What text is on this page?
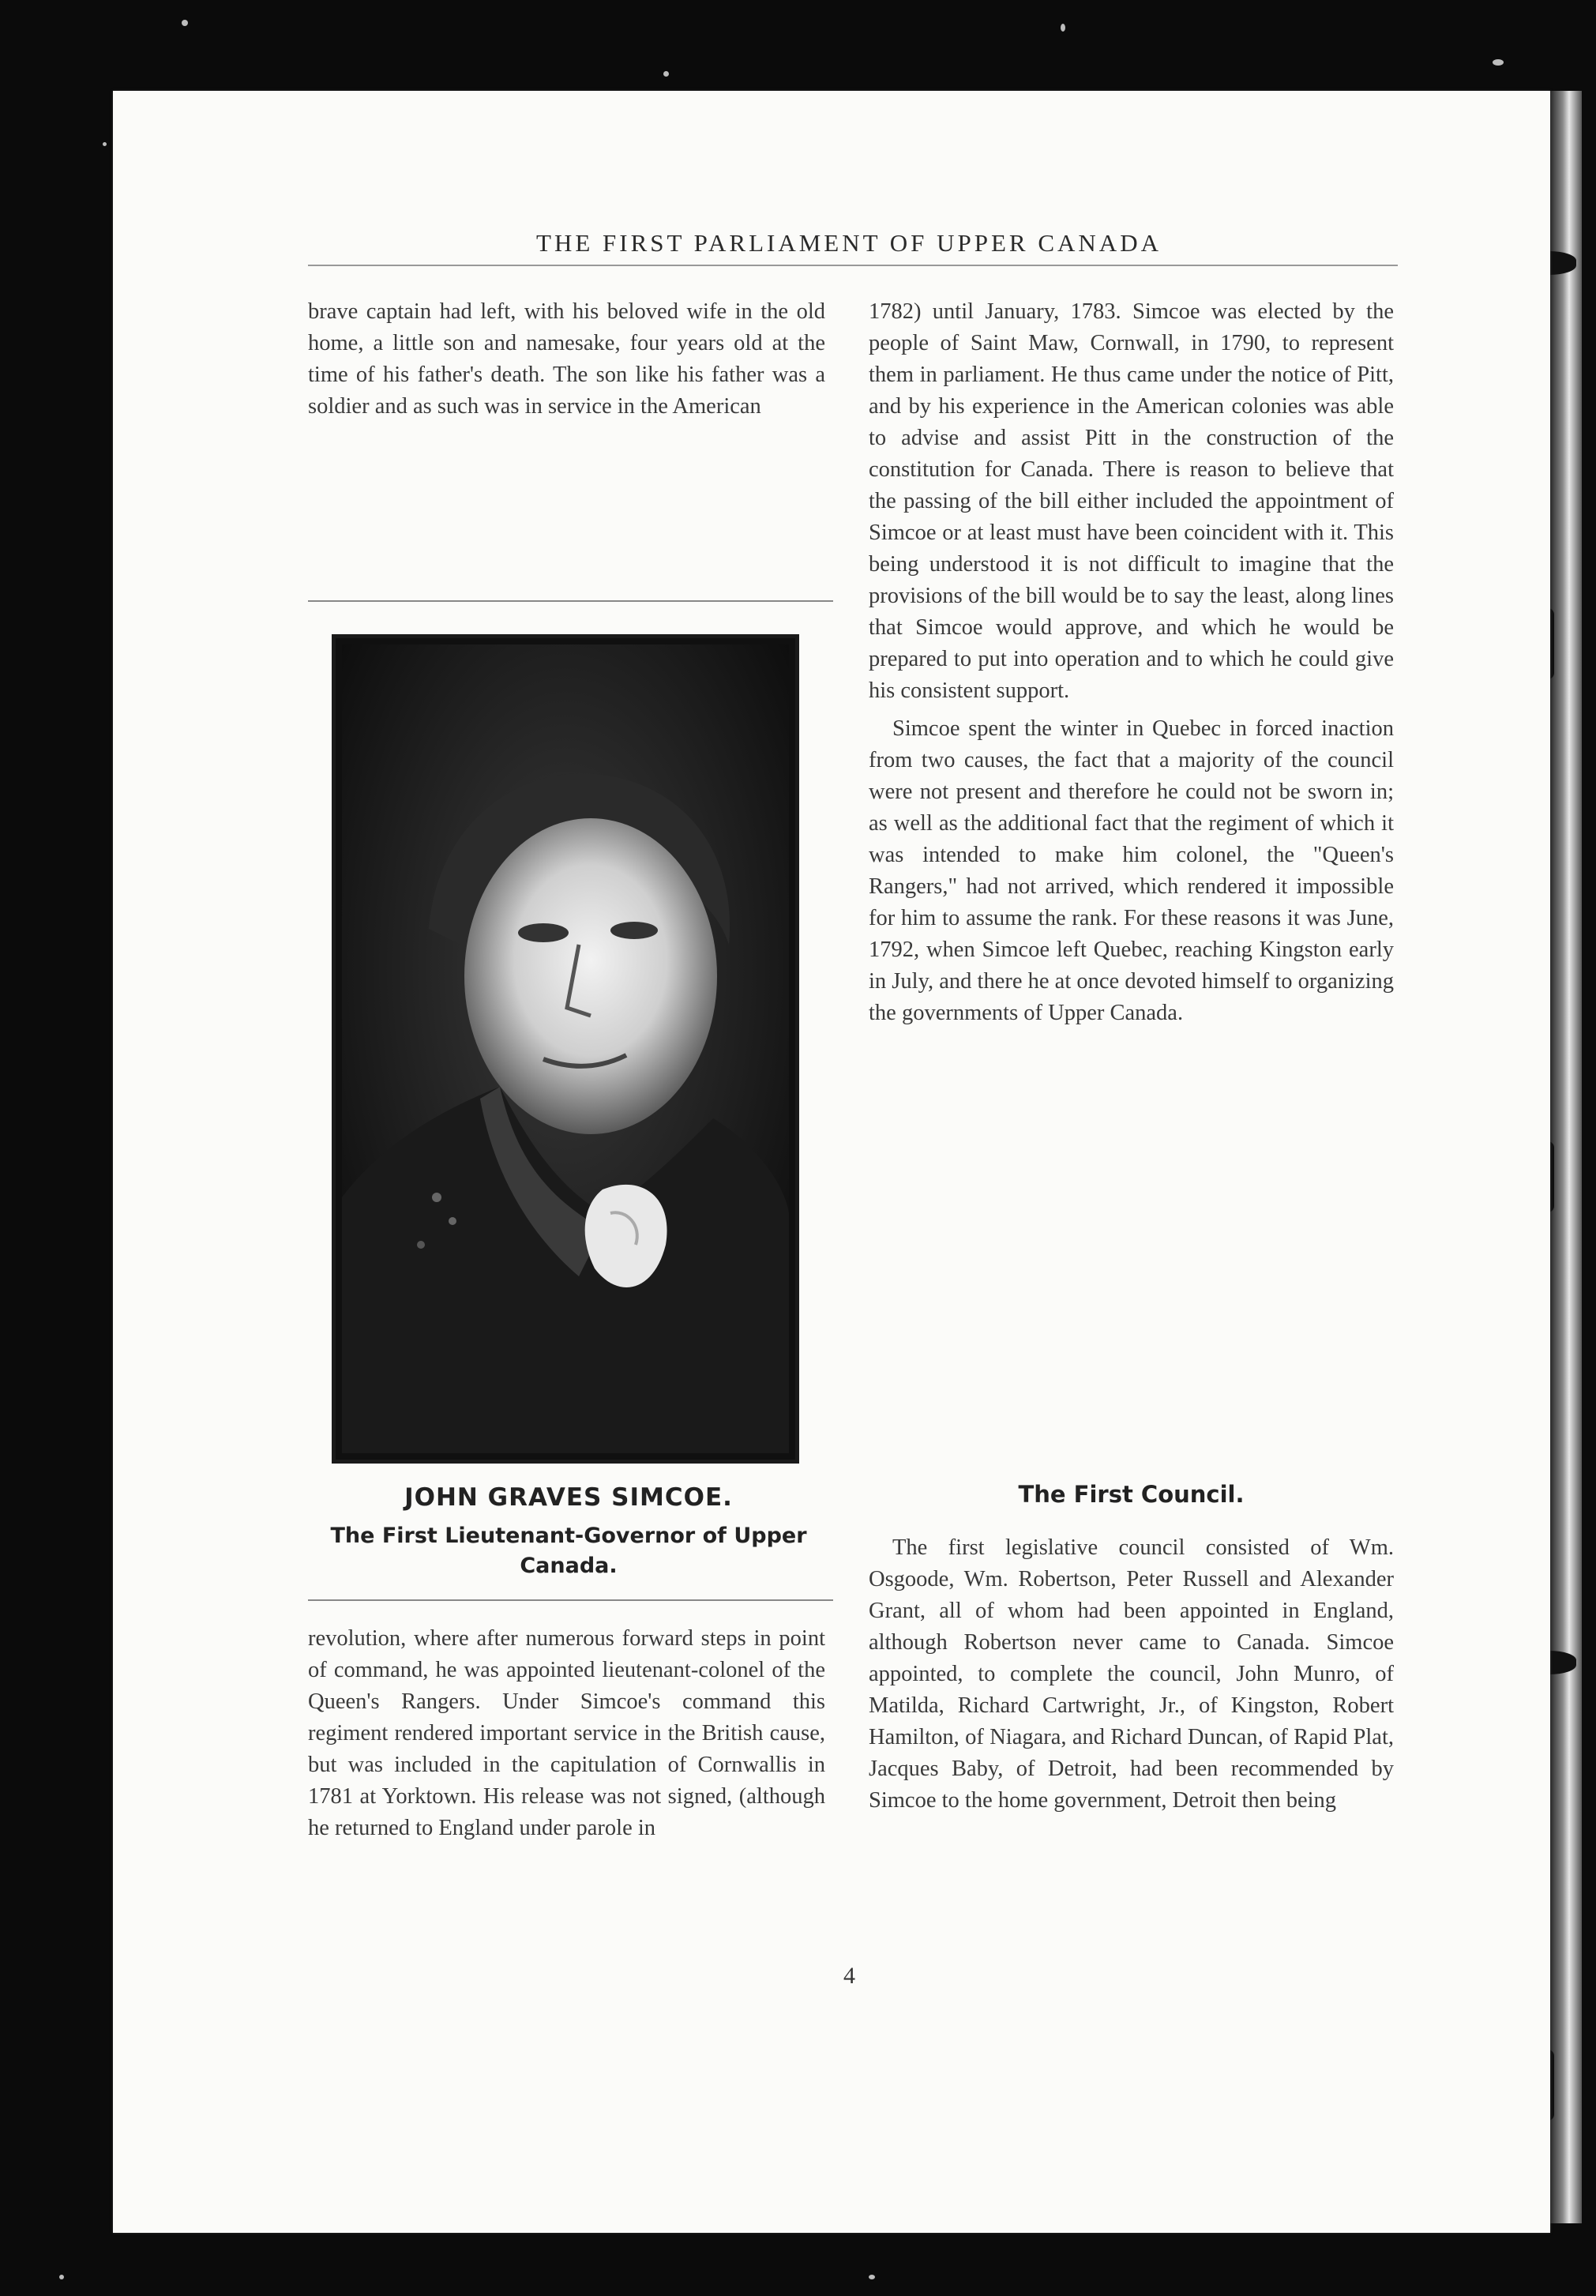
THE FIRST PARLIAMENT OF UPPER CANADA

brave captain had left, with his beloved wife in the old home, a little son and namesake, four years old at the time of his father's death. The son like his father was a soldier and as such was in service in the American

JOHN GRAVES SIMCOE.
The First Lieutenant-Governor of Upper Canada.

revolution, where after numerous forward steps in point of command, he was appointed lieutenant-colonel of the Queen's Rangers. Under Simcoe's command this regiment rendered important service in the British cause, but was included in the capitulation of Cornwallis in 1781 at Yorktown. His release was not signed, (although he returned to England under parole in

1782) until January, 1783. Simcoe was elected by the people of Saint Maw, Cornwall, in 1790, to represent them in parliament. He thus came under the notice of Pitt, and by his experience in the American colonies was able to advise and assist Pitt in the construction of the constitution for Canada. There is reason to believe that the passing of the bill either included the appointment of Simcoe or at least must have been coincident with it. This being understood it is not difficult to imagine that the provisions of the bill would be to say the least, along lines that Simcoe would approve, and which he would be prepared to put into operation and to which he could give his consistent support.

Simcoe spent the winter in Quebec in forced inaction from two causes, the fact that a majority of the council were not present and therefore he could not be sworn in; as well as the additional fact that the regiment of which it was intended to make him colonel, the "Queen's Rangers," had not arrived, which rendered it impossible for him to assume the rank. For these reasons it was June, 1792, when Simcoe left Quebec, reaching Kingston early in July, and there he at once devoted himself to organizing the governments of Upper Canada.

The First Council.

The first legislative council consisted of Wm. Osgoode, Wm. Robertson, Peter Russell and Alexander Grant, all of whom had been appointed in England, although Robertson never came to Canada. Simcoe appointed, to complete the council, John Munro, of Matilda, Richard Cartwright, Jr., of Kingston, Robert Hamilton, of Niagara, and Richard Duncan, of Rapid Plat, Jacques Baby, of Detroit, had been recommended by Simcoe to the home government, Detroit then being

4
